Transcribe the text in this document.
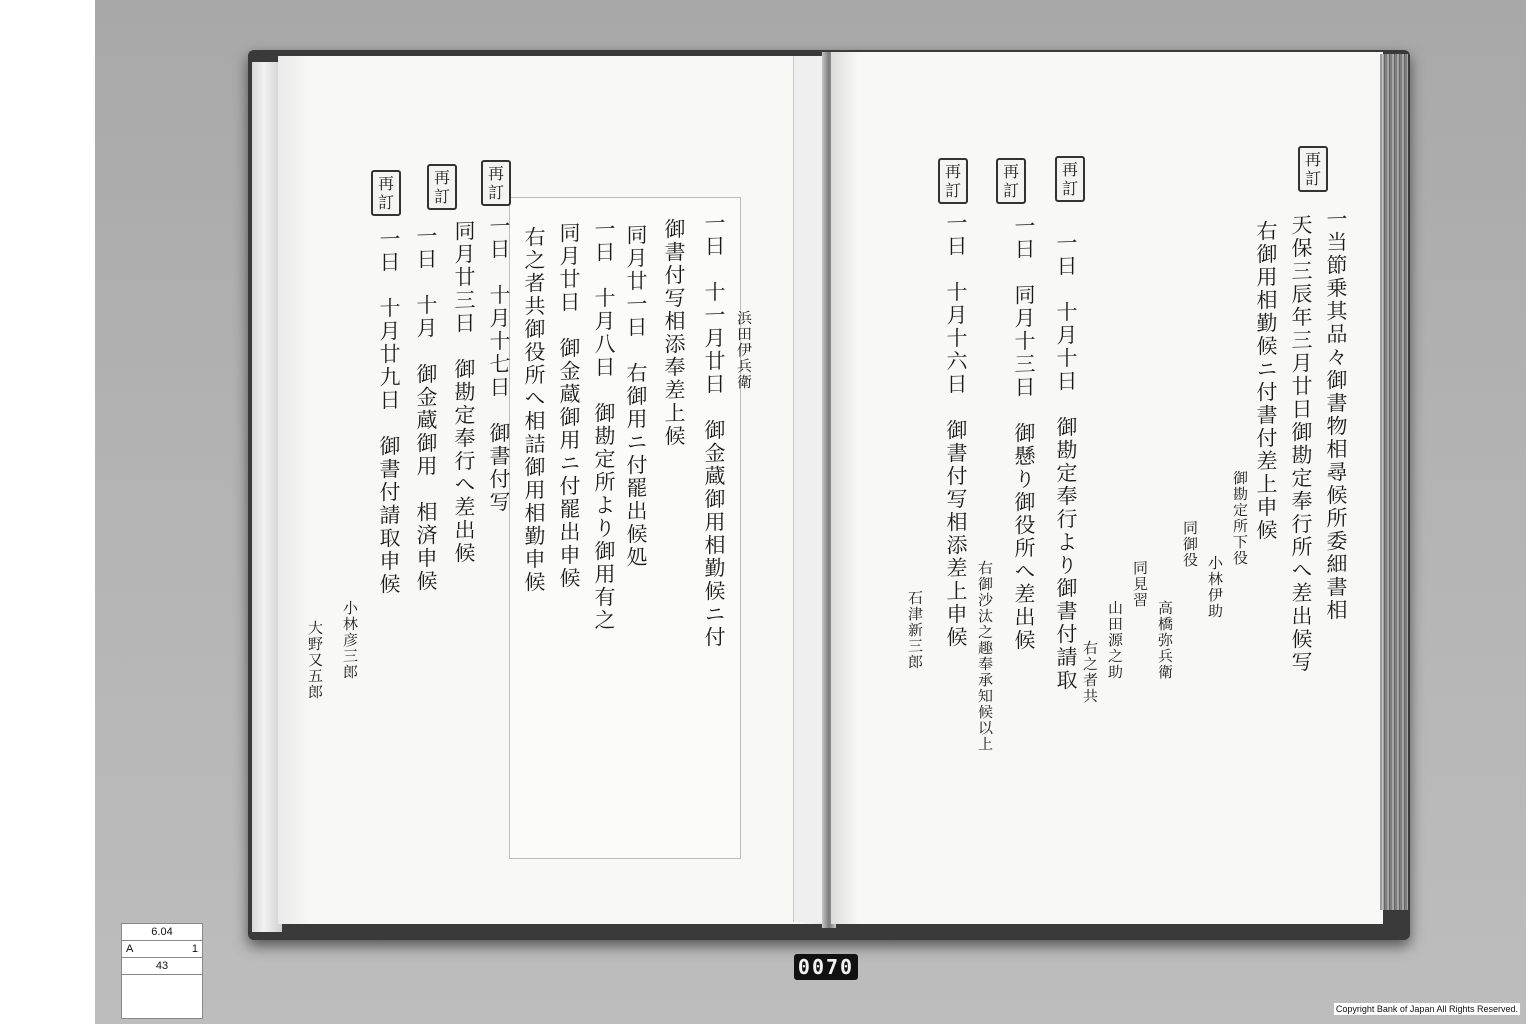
再
訂
再
訂
再
訂
一日　十一月廿日　御金蔵御用相勤候ニ付
御書付写相添奉差上候
同月廿一日　右御用ニ付罷出候処	浜田伊兵衛
一日　十月八日　御勘定所より御用有之
同月廿日　御金蔵御用ニ付罷出申候
右之者共御役所へ相詰御用相勤申候
一日　十月十七日　御書付写
同月廿三日　御勘定奉行へ差出候
一日　十月　御金蔵御用　相済申候
一日　十月廿九日　御書付請取申候
小林彦三郎
大野又五郎
再
訂
再
訂
再
訂
再
訂
一当節乗其品々御書物相尋候所委細書相
天保三辰年三月廿日御勘定奉行所へ差出候写
右御用相勤候ニ付書付差上申候
御勘定所下役
小林伊助
同御役
高橋弥兵衛
同見習
山田源之助
右之者共
一日　十月十日　御勘定奉行より御書付請取
一日　同月十三日　御懸り御役所へ差出候
右御沙汰之趣奉承知候以上
一日　十月十六日　御書付写相添差上申候
石津新三郎
6.04
A	1
43	0070
Copyright Bank of Japan All Rights Reserved.
